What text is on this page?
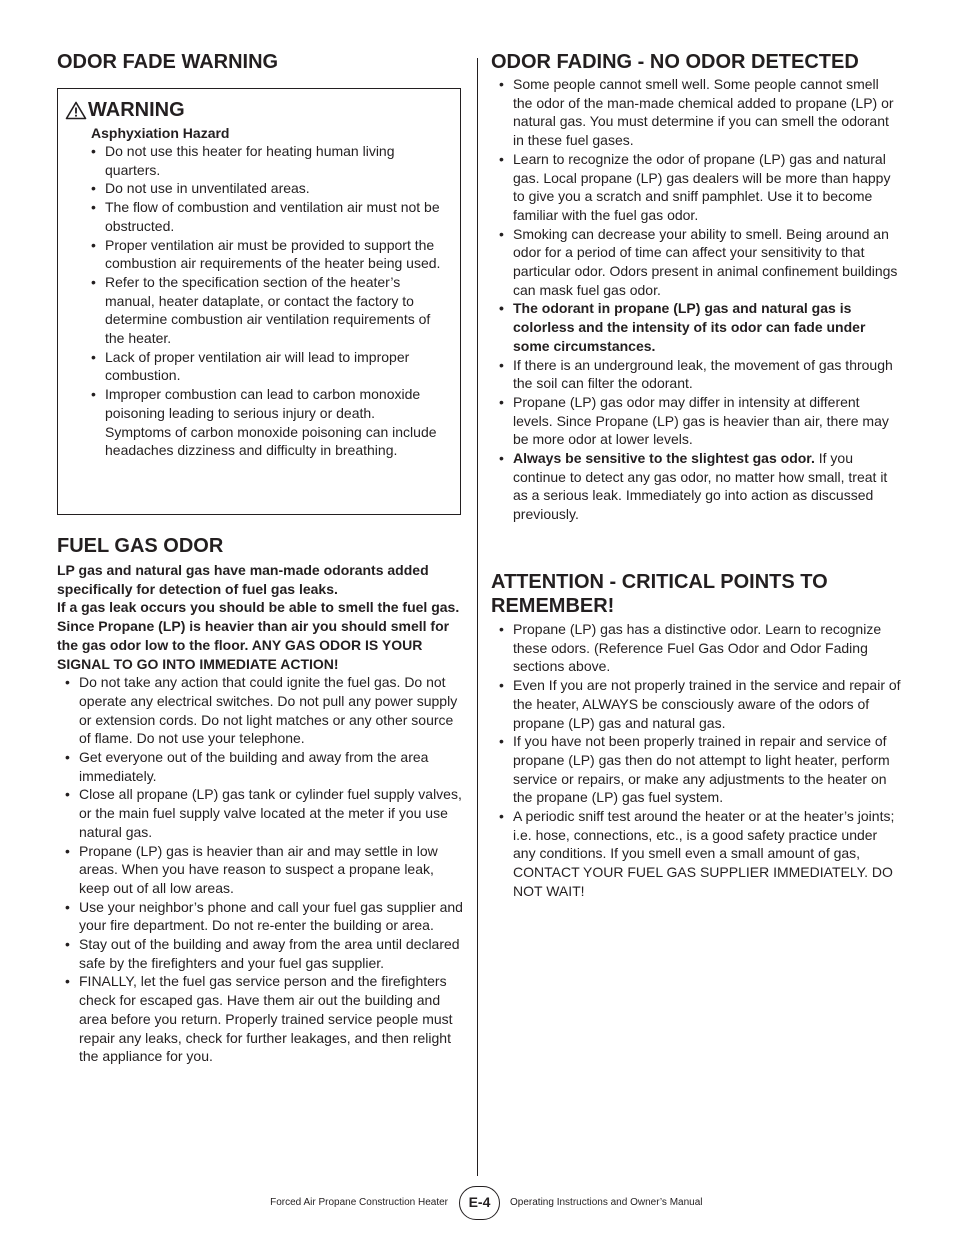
ODOR FADE WARNING
WARNING
Asphyxiation Hazard
• Do not use this heater for heating human living quarters.
• Do not use in unventilated areas.
• The flow of combustion and ventilation air must not be obstructed.
• Proper ventilation air must be provided to support the combustion air requirements of the heater being used.
• Refer to the specification section of the heater’s manual, heater dataplate, or contact the factory to determine combustion air ventilation requirements of the heater.
• Lack of proper ventilation air will lead to improper combustion.
• Improper combustion can lead to carbon monoxide poisoning leading to serious injury or death. Symptoms of carbon monoxide poisoning can include headaches dizziness and difficulty in breathing.
FUEL GAS ODOR

LP gas and natural gas have man-made odorants added specifically for detection of fuel gas leaks.
If a gas leak occurs you should be able to smell the fuel gas. Since Propane (LP) is heavier than air you should smell for the gas odor low to the floor. ANY GAS ODOR IS YOUR SIGNAL TO GO INTO IMMEDIATE ACTION!

• Do not take any action that could ignite the fuel gas. Do not operate any electrical switches. Do not pull any power supply or extension cords. Do not light matches or any other source of flame. Do not use your telephone.
• Get everyone out of the building and away from the area immediately.
• Close all propane (LP) gas tank or cylinder fuel supply valves, or the main fuel supply valve located at the meter if you use natural gas.
• Propane (LP) gas is heavier than air and may settle in low areas. When you have reason to suspect a propane leak, keep out of all low areas.
• Use your neighbor’s phone and call your fuel gas supplier and your fire department. Do not re-enter the building or area.
• Stay out of the building and away from the area until declared safe by the firefighters and your fuel gas supplier.
• FINALLY, let the fuel gas service person and the firefighters check for escaped gas. Have them air out the building and area before you return. Properly trained service people must repair any leaks, check for further leakages, and then relight the appliance for you.
ODOR FADING - NO ODOR DETECTED
• Some people cannot smell well. Some people cannot smell the odor of the man-made chemical added to propane (LP) or natural gas. You must determine if you can smell the odorant in these fuel gases.
• Learn to recognize the odor of propane (LP) gas and natural gas. Local propane (LP) gas dealers will be more than happy to give you a scratch and sniff pamphlet. Use it to become familiar with the fuel gas odor.
• Smoking can decrease your ability to smell. Being around an odor for a period of time can affect your sensitivity to that particular odor. Odors present in animal confinement buildings can mask fuel gas odor.
• The odorant in propane (LP) gas and natural gas is colorless and the intensity of its odor can fade under some circumstances.
• If there is an underground leak, the movement of gas through the soil can filter the odorant.
• Propane (LP) gas odor may differ in intensity at different levels. Since Propane (LP) gas is heavier than air, there may be more odor at lower levels.
• Always be sensitive to the slightest gas odor. If you continue to detect any gas odor, no matter how small, treat it as a serious leak. Immediately go into action as discussed previously.
ATTENTION - CRITICAL POINTS TO REMEMBER!
• Propane (LP) gas has a distinctive odor. Learn to recognize these odors. (Reference Fuel Gas Odor and Odor Fading sections above.
• Even If you are not properly trained in the service and repair of the heater, ALWAYS be consciously aware of the odors of propane (LP) gas and natural gas.
• If you have not been properly trained in repair and service of propane (LP) gas then do not attempt to light heater, perform service or repairs, or make any adjustments to the heater on the propane (LP) gas fuel system.
• A periodic sniff test around the heater or at the heater’s joints; i.e. hose, connections, etc., is a good safety practice under any conditions. If you smell even a small amount of gas, CONTACT YOUR FUEL GAS SUPPLIER IMMEDIATELY. DO NOT WAIT!
Forced Air Propane Construction Heater	E-4	Operating Instructions and Owner’s Manual
